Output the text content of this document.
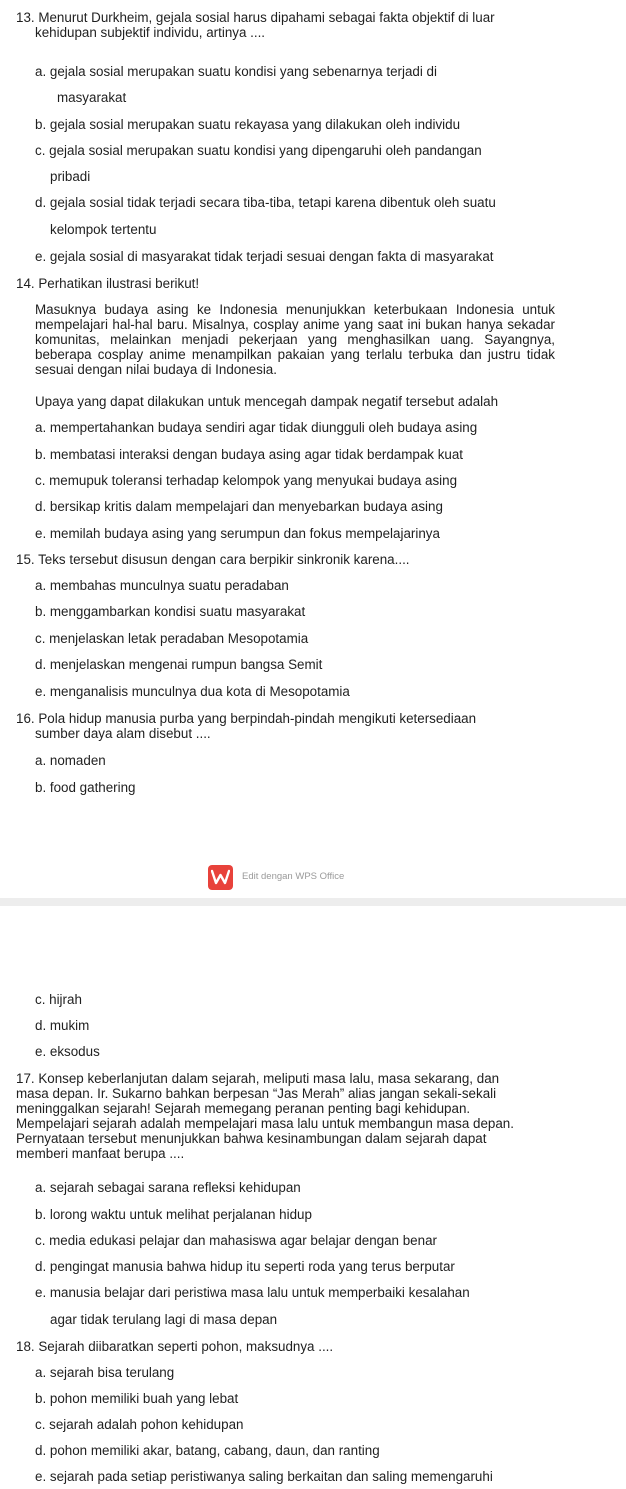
13. Menurut Durkheim, gejala sosial harus dipahami sebagai fakta objektif di luar
kehidupan subjektif individu, artinya ....
a. gejala sosial merupakan suatu kondisi yang sebenarnya terjadi di
masyarakat
b. gejala sosial merupakan suatu rekayasa yang dilakukan oleh individu
c. gejala sosial merupakan suatu kondisi yang dipengaruhi oleh pandangan
pribadi
d. gejala sosial tidak terjadi secara tiba-tiba, tetapi karena dibentuk oleh suatu
kelompok tertentu
e. gejala sosial di masyarakat tidak terjadi sesuai dengan fakta di masyarakat
14. Perhatikan ilustrasi berikut!
Masuknya budaya asing ke Indonesia menunjukkan keterbukaan Indonesia untuk mempelajari hal-hal baru. Misalnya, cosplay anime yang saat ini bukan hanya sekadar komunitas, melainkan menjadi pekerjaan yang menghasilkan uang. Sayangnya, beberapa cosplay anime menampilkan pakaian yang terlalu terbuka dan justru tidak sesuai dengan nilai budaya di Indonesia.
Upaya yang dapat dilakukan untuk mencegah dampak negatif tersebut adalah
a. mempertahankan budaya sendiri agar tidak diungguli oleh budaya asing
b. membatasi interaksi dengan budaya asing agar tidak berdampak kuat
c. memupuk toleransi terhadap kelompok yang menyukai budaya asing
d. bersikap kritis dalam mempelajari dan menyebarkan budaya asing
e. memilah budaya asing yang serumpun dan fokus mempelajarinya
15. Teks tersebut disusun dengan cara berpikir sinkronik karena....
a. membahas munculnya suatu peradaban
b. menggambarkan kondisi suatu masyarakat
c. menjelaskan letak peradaban Mesopotamia
d. menjelaskan mengenai rumpun bangsa Semit
e. menganalisis munculnya dua kota di Mesopotamia
16. Pola hidup manusia purba yang berpindah-pindah mengikuti ketersediaan
sumber daya alam disebut ....
a. nomaden
b. food gathering
Edit dengan WPS Office
c. hijrah
d. mukim
e. eksodus
17. Konsep keberlanjutan dalam sejarah, meliputi masa lalu, masa sekarang, dan masa depan. Ir. Sukarno bahkan berpesan “Jas Merah” alias jangan sekali-sekali meninggalkan sejarah! Sejarah memegang peranan penting bagi kehidupan. Mempelajari sejarah adalah mempelajari masa lalu untuk membangun masa depan. Pernyataan tersebut menunjukkan bahwa kesinambungan dalam sejarah dapat memberi manfaat berupa ....
a. sejarah sebagai sarana refleksi kehidupan
b. lorong waktu untuk melihat perjalanan hidup
c. media edukasi pelajar dan mahasiswa agar belajar dengan benar
d. pengingat manusia bahwa hidup itu seperti roda yang terus berputar
e. manusia belajar dari peristiwa masa lalu untuk memperbaiki kesalahan
agar tidak terulang lagi di masa depan
18. Sejarah diibaratkan seperti pohon, maksudnya ....
a. sejarah bisa terulang
b. pohon memiliki buah yang lebat
c. sejarah adalah pohon kehidupan
d. pohon memiliki akar, batang, cabang, daun, dan ranting
e. sejarah pada setiap peristiwanya saling berkaitan dan saling memengaruhi
